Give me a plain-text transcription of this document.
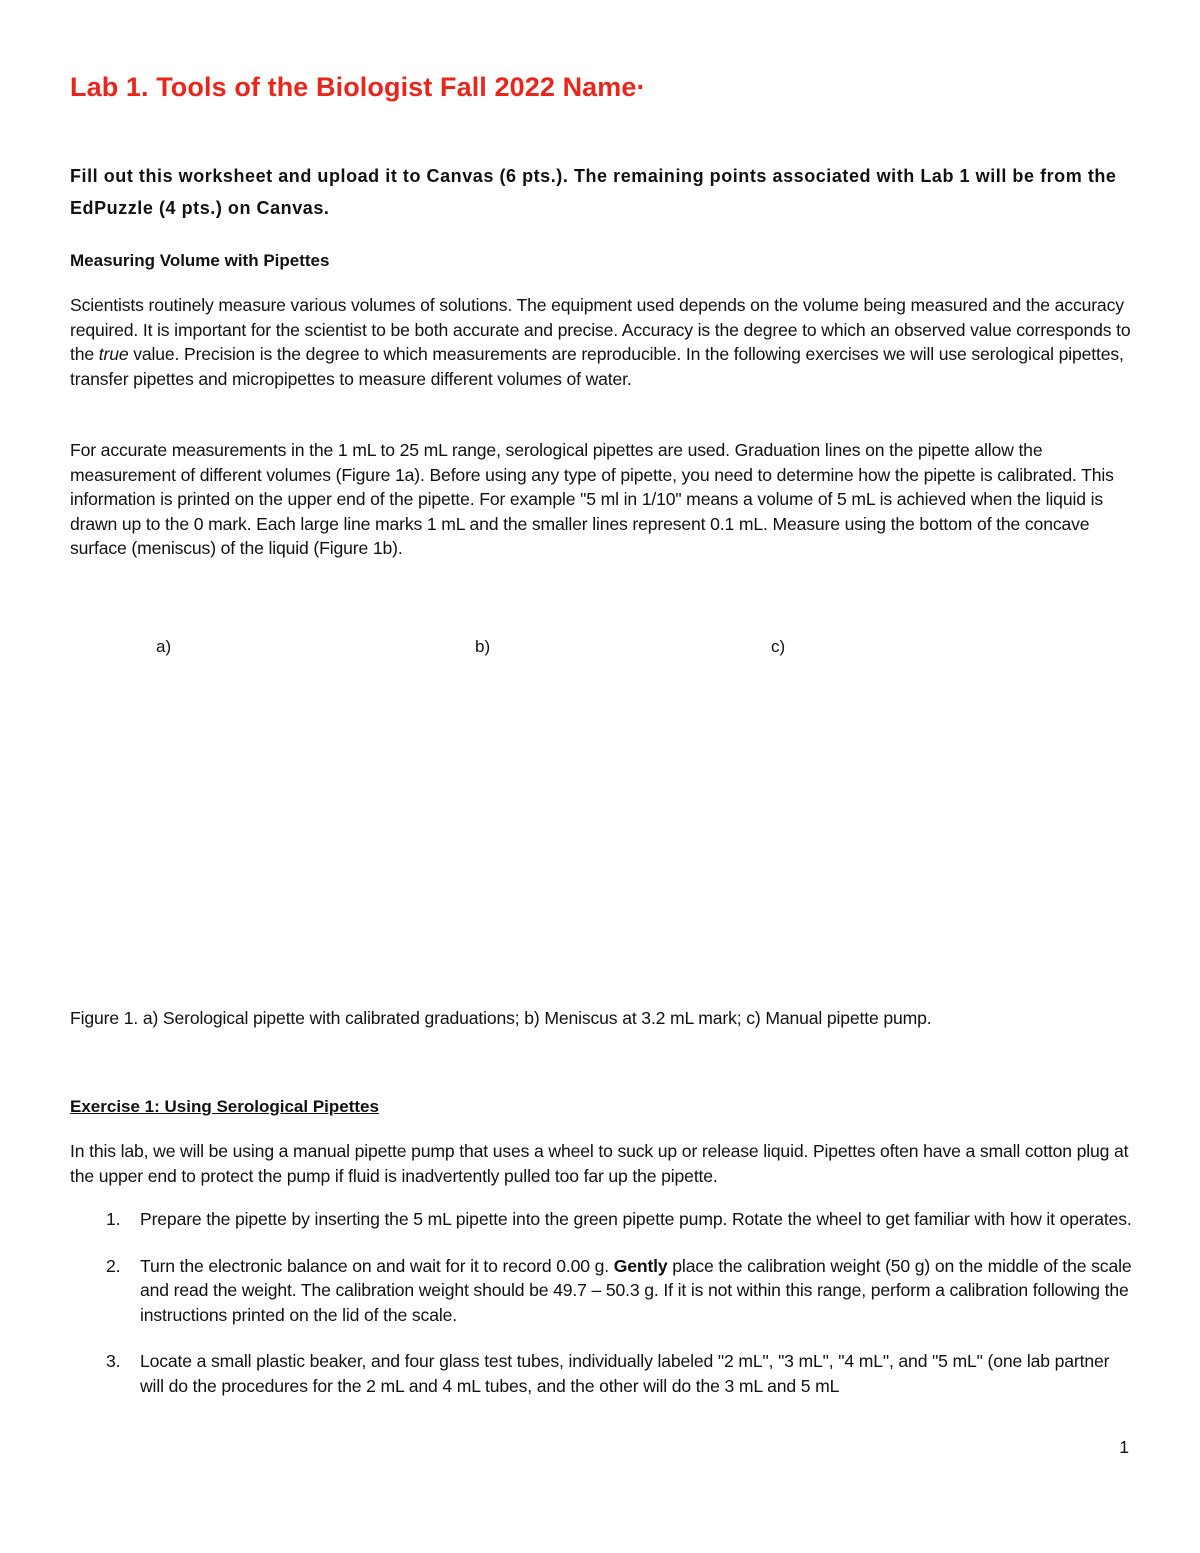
Lab 1. Tools of the Biologist Fall 2022 Name·
Fill out this worksheet and upload it to Canvas (6 pts.). The remaining points associated with Lab 1 will be from the EdPuzzle (4 pts.) on Canvas.
Measuring Volume with Pipettes
Scientists routinely measure various volumes of solutions. The equipment used depends on the volume being measured and the accuracy required. It is important for the scientist to be both accurate and precise. Accuracy is the degree to which an observed value corresponds to the true value. Precision is the degree to which measurements are reproducible. In the following exercises we will use serological pipettes, transfer pipettes and micropipettes to measure different volumes of water.
For accurate measurements in the 1 mL to 25 mL range, serological pipettes are used. Graduation lines on the pipette allow the measurement of different volumes (Figure 1a). Before using any type of pipette, you need to determine how the pipette is calibrated. This information is printed on the upper end of the pipette. For example "5 ml in 1/10" means a volume of 5 mL is achieved when the liquid is drawn up to the 0 mark. Each large line marks 1 mL and the smaller lines represent 0.1 mL. Measure using the bottom of the concave surface (meniscus) of the liquid (Figure 1b).
a)	b)	c)
Figure 1. a) Serological pipette with calibrated graduations; b) Meniscus at 3.2 mL mark; c) Manual pipette pump.
Exercise 1: Using Serological Pipettes
In this lab, we will be using a manual pipette pump that uses a wheel to suck up or release liquid. Pipettes often have a small cotton plug at the upper end to protect the pump if fluid is inadvertently pulled too far up the pipette.
1. Prepare the pipette by inserting the 5 mL pipette into the green pipette pump. Rotate the wheel to get familiar with how it operates.
2. Turn the electronic balance on and wait for it to record 0.00 g. Gently place the calibration weight (50 g) on the middle of the scale and read the weight. The calibration weight should be 49.7 – 50.3 g. If it is not within this range, perform a calibration following the instructions printed on the lid of the scale.
3. Locate a small plastic beaker, and four glass test tubes, individually labeled "2 mL", "3 mL", "4 mL", and "5 mL" (one lab partner will do the procedures for the 2 mL and 4 mL tubes, and the other will do the 3 mL and 5 mL
1
